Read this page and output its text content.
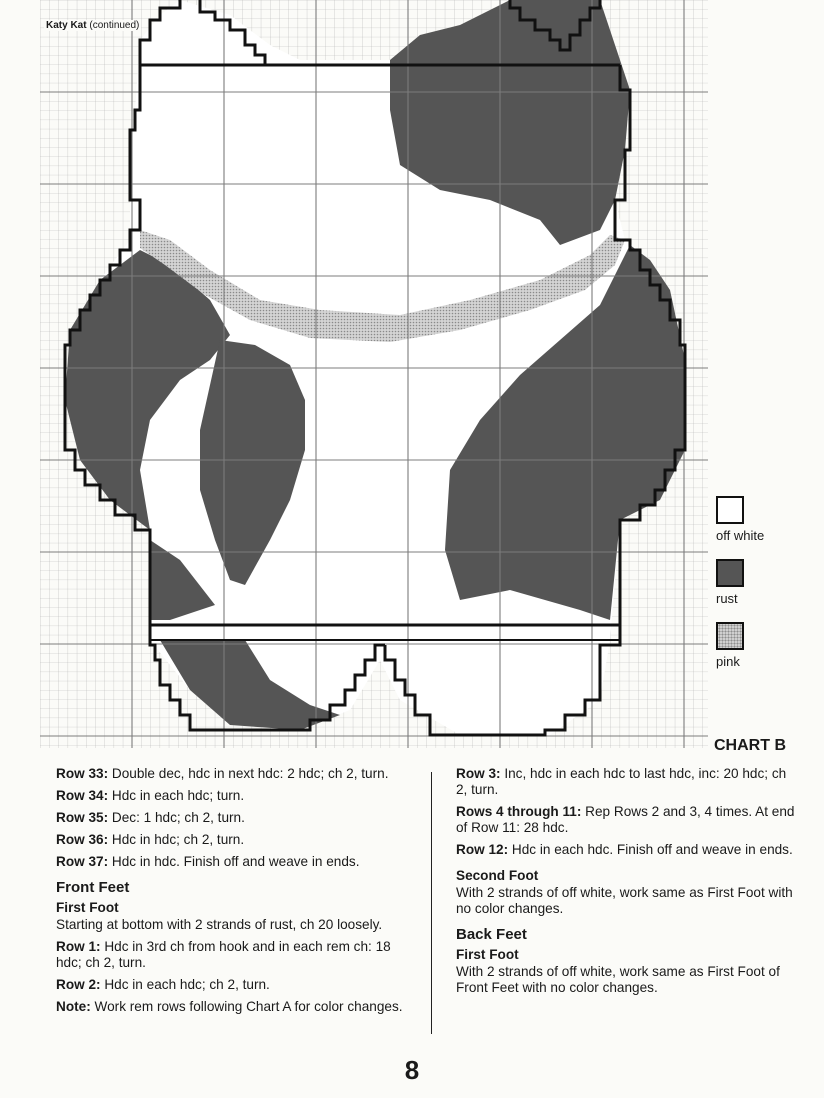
Katy Kat (continued)
off white
rust
pink
CHART B

Row 33: Double dec, hdc in next hdc: 2 hdc; ch 2, turn.

Row 34: Hdc in each hdc; turn.

Row 35: Dec: 1 hdc; ch 2, turn.

Row 36: Hdc in hdc; ch 2, turn.

Row 37: Hdc in hdc. Finish off and weave in ends.

Front Feet
First Foot

Starting at bottom with 2 strands of rust, ch 20 loosely.

Row 1: Hdc in 3rd ch from hook and in each rem ch: 18 hdc; ch 2, turn.

Row 2: Hdc in each hdc; ch 2, turn.

Note: Work rem rows following Chart A for color changes.

Row 3: Inc, hdc in each hdc to last hdc, inc: 20 hdc; ch 2, turn.

Rows 4 through 11: Rep Rows 2 and 3, 4 times. At end of Row 11: 28 hdc.

Row 12: Hdc in each hdc. Finish off and weave in ends.

Second Foot

With 2 strands of off white, work same as First Foot with no color changes.

Back Feet
First Foot

With 2 strands of off white, work same as First Foot of Front Feet with no color changes.

8
